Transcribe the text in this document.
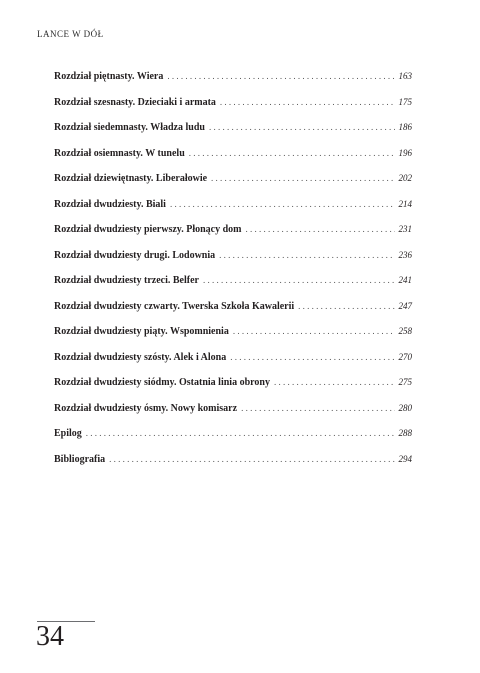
LANCE W DÓŁ
Rozdział piętnasty. Wiera . . .	163
Rozdział szesnasty. Dzieciaki i armata . . .	175
Rozdział siedemnasty. Władza ludu . . .	186
Rozdział osiemnasty. W tunelu . . .	196
Rozdział dziewiętnasty. Liberałowie . . .	202
Rozdział dwudziesty. Biali . . .	214
Rozdział dwudziesty pierwszy. Płonący dom . . .	231
Rozdział dwudziesty drugi. Lodownia . . .	236
Rozdział dwudziesty trzeci. Belfer . . .	241
Rozdział dwudziesty czwarty. Twerska Szkoła Kawalerii . . .	247
Rozdział dwudziesty piąty. Wspomnienia . . .	258
Rozdział dwudziesty szósty. Alek i Alona . . .	270
Rozdział dwudziesty siódmy. Ostatnia linia obrony . . .	275
Rozdział dwudziesty ósmy. Nowy komisarz . . .	280
Epilog . . .	288
Bibliografia . . .	294
34
